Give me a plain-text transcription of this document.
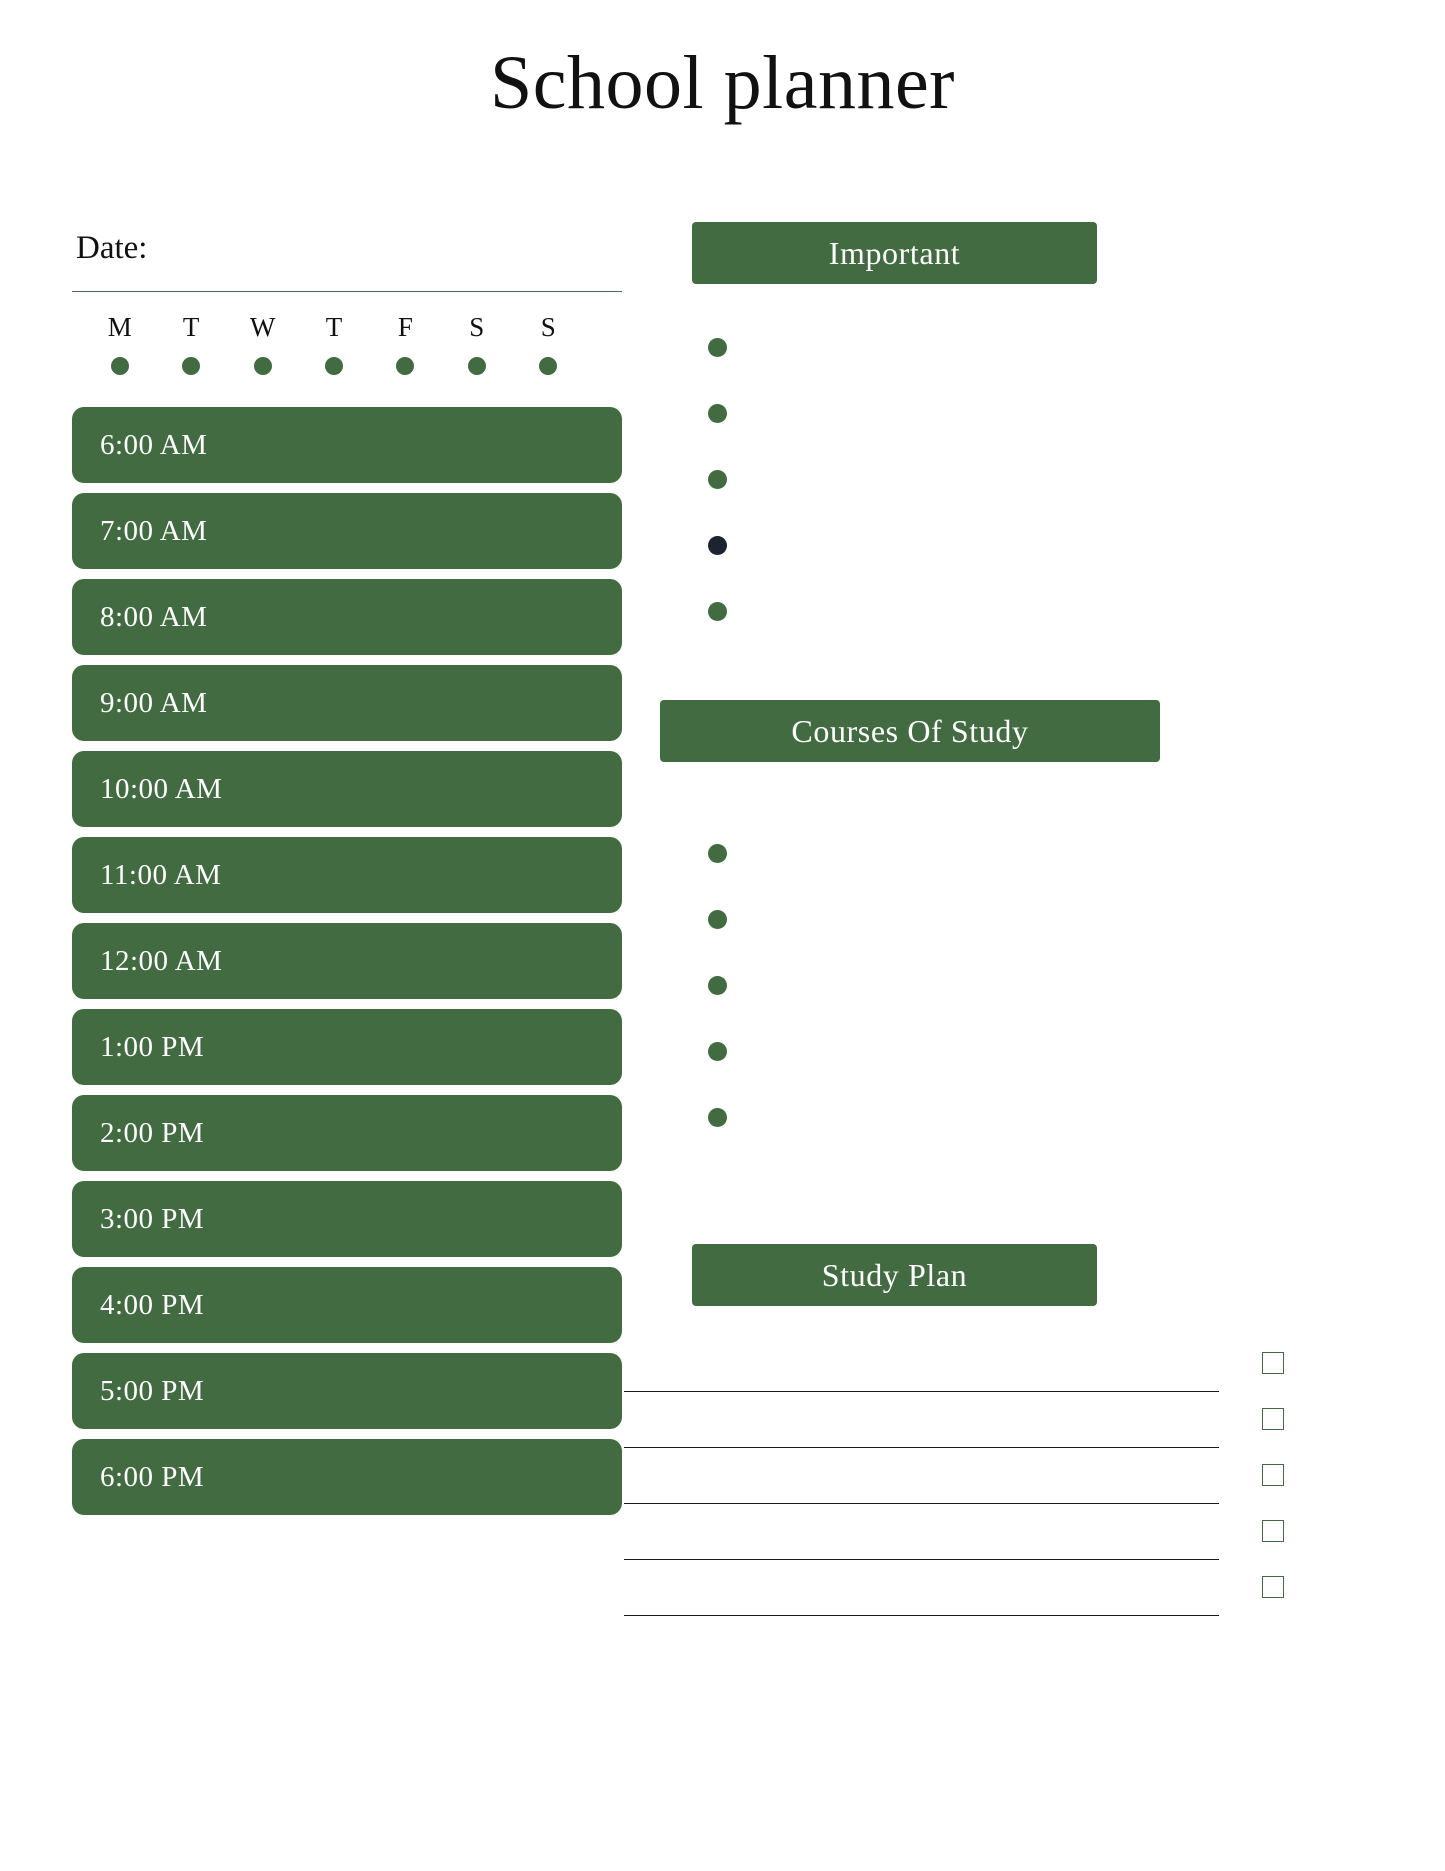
School planner
Date:
M	T	W	T	F	S	S
6:00 AM
7:00 AM
8:00 AM
9:00 AM
10:00 AM
11:00 AM
12:00 AM
1:00 PM
2:00 PM
3:00 PM
4:00 PM
5:00 PM
6:00 PM
Important
Courses Of Study
Study Plan
